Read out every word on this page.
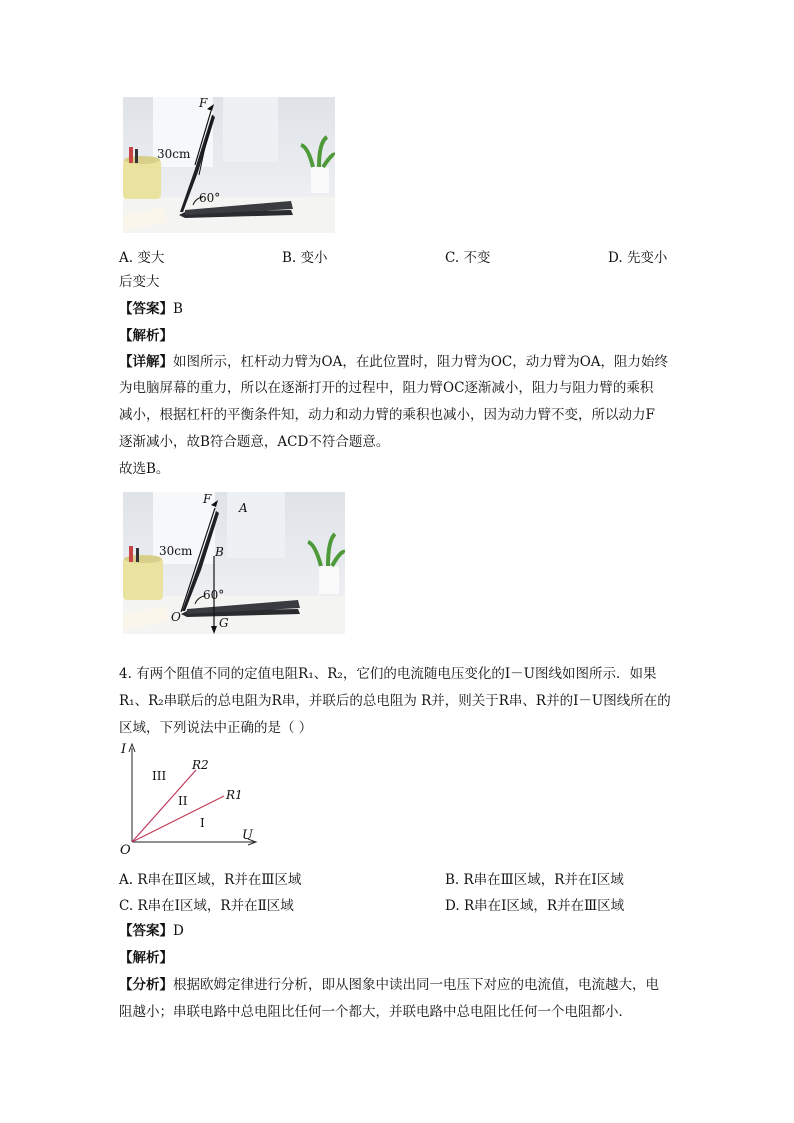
F
30cm
60°
A. 变大	B. 变小	C. 不变	D. 先变小
后变大
【答案】B
【解析】
【详解】如图所示，杠杆动力臂为OA，在此位置时，阻力臂为OC，动力臂为OA，阻力始终
为电脑屏幕的重力，所以在逐渐打开的过程中，阻力臂OC逐渐减小，阻力与阻力臂的乘积
减小，根据杠杆的平衡条件知，动力和动力臂的乘积也减小，因为动力臂不变，所以动力F
逐渐减小，故B符合题意，ACD不符合题意。
故选B。
F
A
30cm B
60°
O	G
4. 有两个阻值不同的定值电阻R₁、R₂，它们的电流随电压变化的I－U图线如图所示．如果
R₁、R₂串联后的总电阻为R串，并联后的总电阻为 R并，则关于R串、R并的I－U图线所在的
区域，下列说法中正确的是（ ）
I
U
O
R2
R1
III
II
I
A. R串在Ⅱ区域，R并在Ⅲ区域	B. R串在Ⅲ区域，R并在Ⅰ区域
C. R串在Ⅰ区域，R并在Ⅱ区域	D. R串在Ⅰ区域，R并在Ⅲ区域
【答案】D
【解析】
【分析】根据欧姆定律进行分析，即从图象中读出同一电压下对应的电流值，电流越大，电
阻越小；串联电路中总电阻比任何一个都大，并联电路中总电阻比任何一个电阻都小．
